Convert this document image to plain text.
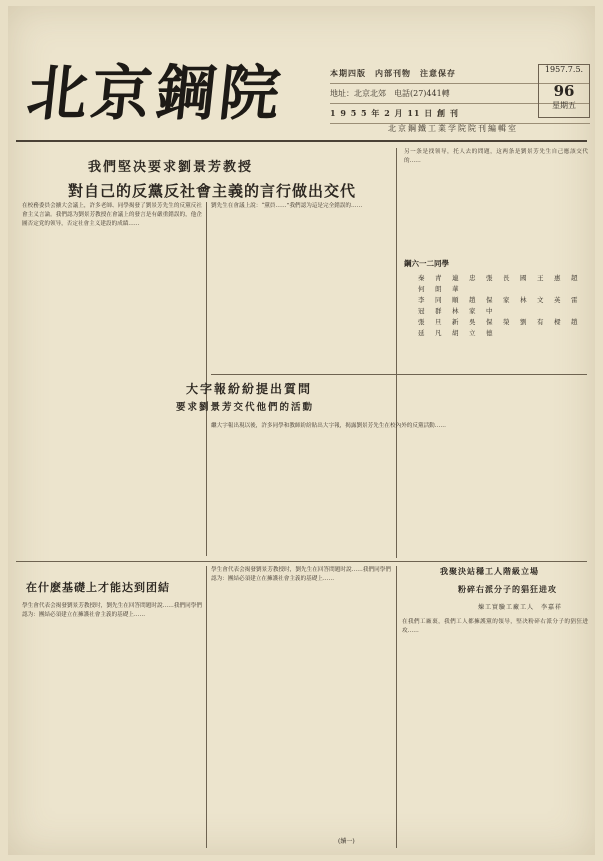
北京鋼院	本期四版　内部刊物　注意保存
地址：北京北郊　电話(27)441轉
1 9 5 5 年 2 月 11 日 創 刊
1957.7.5.
96
星期五
北京鋼鐵工業学院院刊編輯室
我們堅决要求劉景芳教授
對自己的反黨反社會主義的言行做出交代
在校務委員会擴大会議上，許多老師、同學揭發了劉景芳先生的反黨反社會主义言論。我們認为劉景芳教授在會議上的發言是有嚴重錯誤的，他企圖否定党的领导，否定社會主义建設的成績……
劉先生在會議上說：“黨員……”我們認为這是完全錯誤的……
另一条是找领导，托人去的問題，这两条是劉景芳先生自己應該交代的……
鋼六一二同學
秦　青　連　忠　張　長　國　王　惠　超　何　朗　華
李　同　順　趙　保　家　林　文　英　雷　冠　群　林　家　中
張　旦　新　吳　保　榮　劉　有　樑　趙　延　凡　胡　立　德
大字報紛紛提出質問
要求劉景芳交代他們的活動
繼大字報出現以後，許多同學和教師紛紛貼出大字報，揭露劉景芳先生在校內外的反黨活動……
在什麽基礎上才能达到团結
學生會代表会揭發劉景芳教授时，劉先生在回答問題时說……我們同學們認为：團結必須建立在擁護社會主義的基礎上……
學生會代表会揭發劉景芳教授时，劉先生在回答問題时說……我們同學們認为：團結必須建立在擁護社會主義的基礎上……
我聚決站穩工人階級立場
粉碎右派分子的猖狂进攻
煉工實驗工廠工人　李嘉祥
在我們工廠裏，我們工人都擁護黨的領导，堅决粉碎右派分子的猖狂进攻……
(續一)
